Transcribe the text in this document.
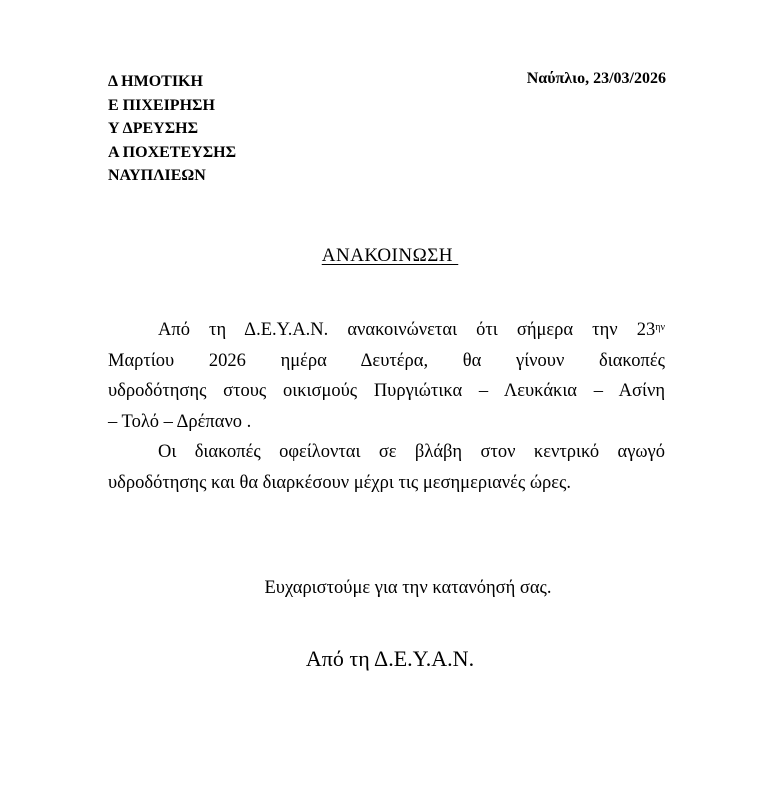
Δ ΗΜΟΤΙΚΗ
Ε ΠΙΧΕΙΡΗΣΗ
Υ ΔΡΕΥΣΗΣ
Α ΠΟΧΕΤΕΥΣΗΣ
ΝΑΥΠΛΙΕΩΝ
Ναύπλιο, 23/03/2026
ΑΝΑΚΟΙΝΩΣΗ
Από τη Δ.Ε.Υ.Α.Ν. ανακοινώνεται ότι σήμερα την $23^{\eta\nu}$
Μαρτίου 2026 ημέρα Δευτέρα, θα γίνουν διακοπές
υδροδότησης στους οικισμούς Πυργιώτικα – Λευκάκια – Ασίνη
– Τολό – Δρέπανο .
Οι διακοπές οφείλονται σε βλάβη στον κεντρικό αγωγό
υδροδότησης και θα διαρκέσουν μέχρι τις μεσημεριανές ώρες.
Ευχαριστούμε για την κατανόησή σας.
Από τη Δ.Ε.Υ.Α.Ν.
